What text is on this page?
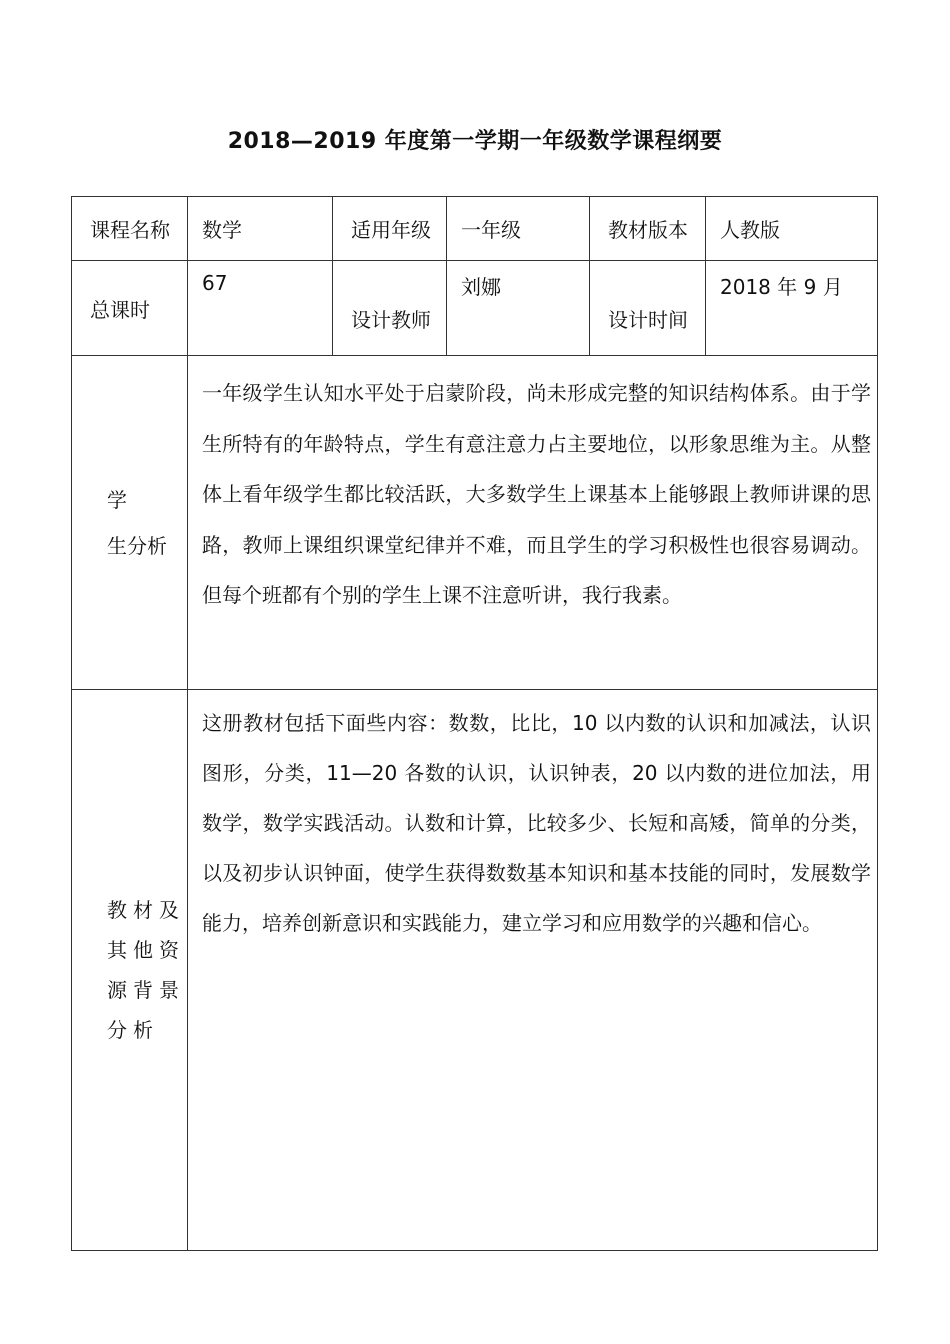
2018—2019 年度第一学期一年级数学课程纲要
课程名称	数学	适用年级	一年级	教材版本	人教版
总课时	67	设计教师	刘娜	设计时间	2018 年 9 月

学
生分析	一年级学生认知水平处于启蒙阶段，尚未形成完整的知识结构体系。由于学生所特有的年龄特点，学生有意注意力占主要地位，以形象思维为主。从整体上看年级学生都比较活跃，大多数学生上课基本上能够跟上教师讲课的思路，教师上课组织课堂纪律并不难，而且学生的学习积极性也很容易调动。但每个班都有个别的学生上课不注意听讲，我行我素。				

教材及
其他资
源背景
分析	这册教材包括下面些内容：数数，比比，10 以内数的认识和加减法，认识图形，分类，11—20 各数的认识，认识钟表，20 以内数的进位加法，用数学，数学实践活动。认数和计算，比较多少、长短和高矮，简单的分类，以及初步认识钟面，使学生获得数数基本知识和基本技能的同时，发展数学能力，培养创新意识和实践能力，建立学习和应用数学的兴趣和信心。				
